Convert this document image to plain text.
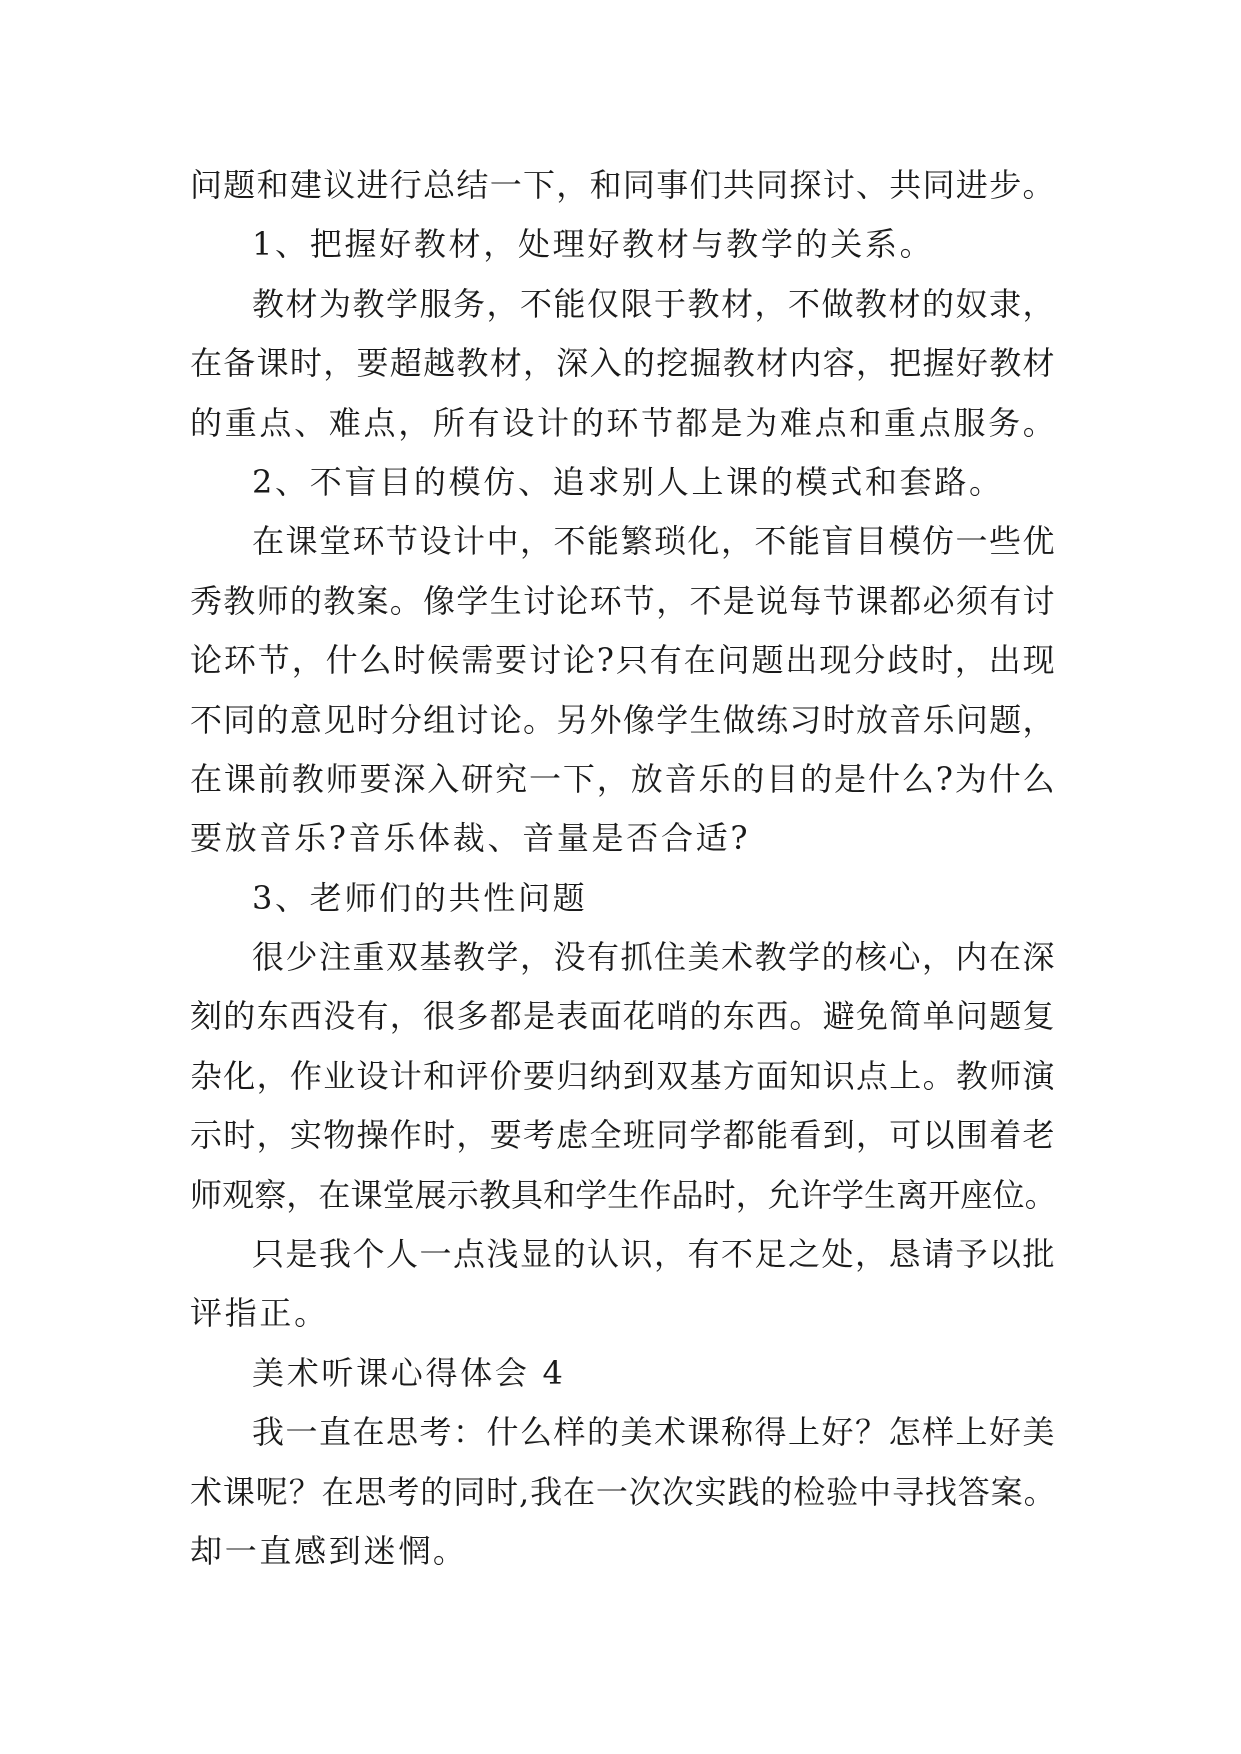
问题和建议进行总结一下，和同事们共同探讨、共同进步。
1、把握好教材，处理好教材与教学的关系。
教材为教学服务，不能仅限于教材，不做教材的奴隶，
在备课时，要超越教材，深入的挖掘教材内容，把握好教材
的重点、难点，所有设计的环节都是为难点和重点服务。
2、不盲目的模仿、追求别人上课的模式和套路。
在课堂环节设计中，不能繁琐化，不能盲目模仿一些优
秀教师的教案。像学生讨论环节，不是说每节课都必须有讨
论环节，什么时候需要讨论?只有在问题出现分歧时，出现
不同的意见时分组讨论。另外像学生做练习时放音乐问题，
在课前教师要深入研究一下，放音乐的目的是什么?为什么
要放音乐?音乐体裁、音量是否合适?
3、老师们的共性问题
很少注重双基教学，没有抓住美术教学的核心，内在深
刻的东西没有，很多都是表面花哨的东西。避免简单问题复
杂化，作业设计和评价要归纳到双基方面知识点上。教师演
示时，实物操作时，要考虑全班同学都能看到，可以围着老
师观察，在课堂展示教具和学生作品时，允许学生离开座位。
只是我个人一点浅显的认识，有不足之处，恳请予以批
评指正。
美术听课心得体会 4
我一直在思考：什么样的美术课称得上好？怎样上好美
术课呢？在思考的同时,我在一次次实践的检验中寻找答案。
却一直感到迷惘。
